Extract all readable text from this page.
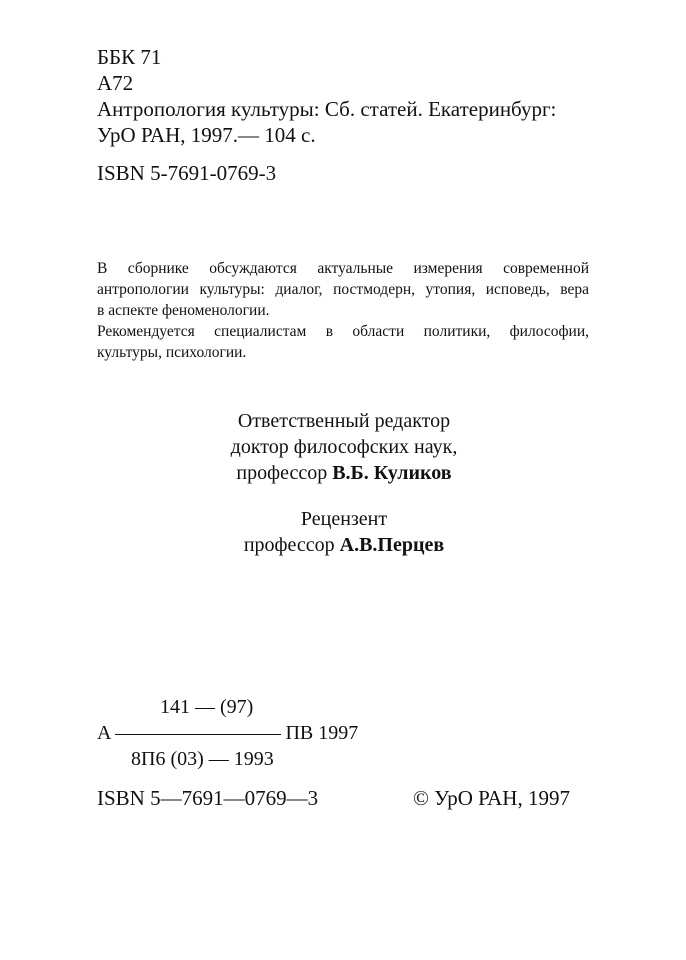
ББК 71
А72
Антропология культуры: Сб. статей. Екатеринбург:
УрО РАН, 1997.— 104 с.
ISBN 5-7691-0769-3

В сборнике обсуждаются актуальные измерения современной

антропологии культуры: диалог, постмодерн, утопия, исповедь, вера

в аспекте феноменологии.

Рекомендуется специалистам в области политики, философии,

культуры, психологии.

Ответственный редактор
доктор философских наук,
профессор В.Б. Куликов
Рецензент
профессор А.В.Перцев
141 — (97)
А	ПВ 1997
8П6 (03) — 1993
ISBN 5—7691—0769—3	© УрО РАН, 1997
